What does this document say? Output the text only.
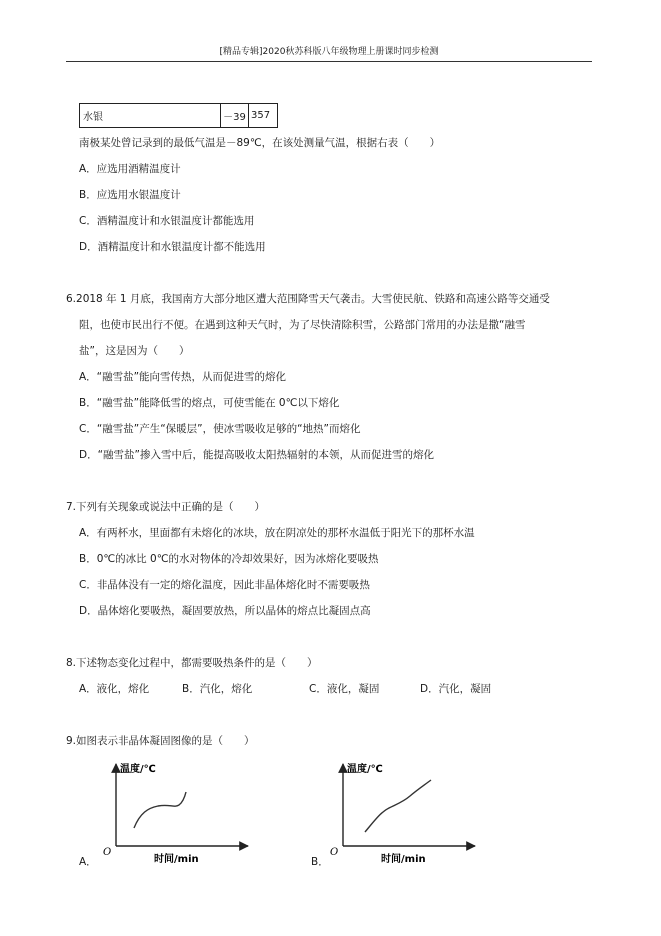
[精品专辑]2020秋苏科版八年级物理上册课时同步检测
水银	－39	357
南极某处曾记录到的最低气温是－89℃，在该处测量气温，根据右表（　　）
A．应选用酒精温度计
B．应选用水银温度计
C．酒精温度计和水银温度计都能选用
D．酒精温度计和水银温度计都不能选用
6.2018 年 1 月底，我国南方大部分地区遭大范围降雪天气袭击。大雪使民航、铁路和高速公路等交通受
阻，也使市民出行不便。在遇到这种天气时，为了尽快清除积雪，公路部门常用的办法是撒“融雪
盐”，这是因为（　　）
A．“融雪盐”能向雪传热，从而促进雪的熔化
B．“融雪盐”能降低雪的熔点，可使雪能在 0℃以下熔化
C．“融雪盐”产生“保暖层”，使冰雪吸收足够的“地热”而熔化
D．“融雪盐”掺入雪中后，能提高吸收太阳热辐射的本领，从而促进雪的熔化
7.下列有关现象或说法中正确的是（　　）
A．有两杯水，里面都有未熔化的冰块，放在阴凉处的那杯水温低于阳光下的那杯水温
B．0℃的冰比 0℃的水对物体的冷却效果好，因为冰熔化要吸热
C．非晶体没有一定的熔化温度，因此非晶体熔化时不需要吸热
D．晶体熔化要吸热，凝固要放热，所以晶体的熔点比凝固点高
8.下述物态变化过程中，都需要吸热条件的是（　　）
A．液化，熔化	B．汽化，熔化	C．液化，凝固	D．汽化，凝固
9.如图表示非晶体凝固图像的是（　　）
温度/℃
时间/min
O
A．
温度/℃
时间/min
O
B．
